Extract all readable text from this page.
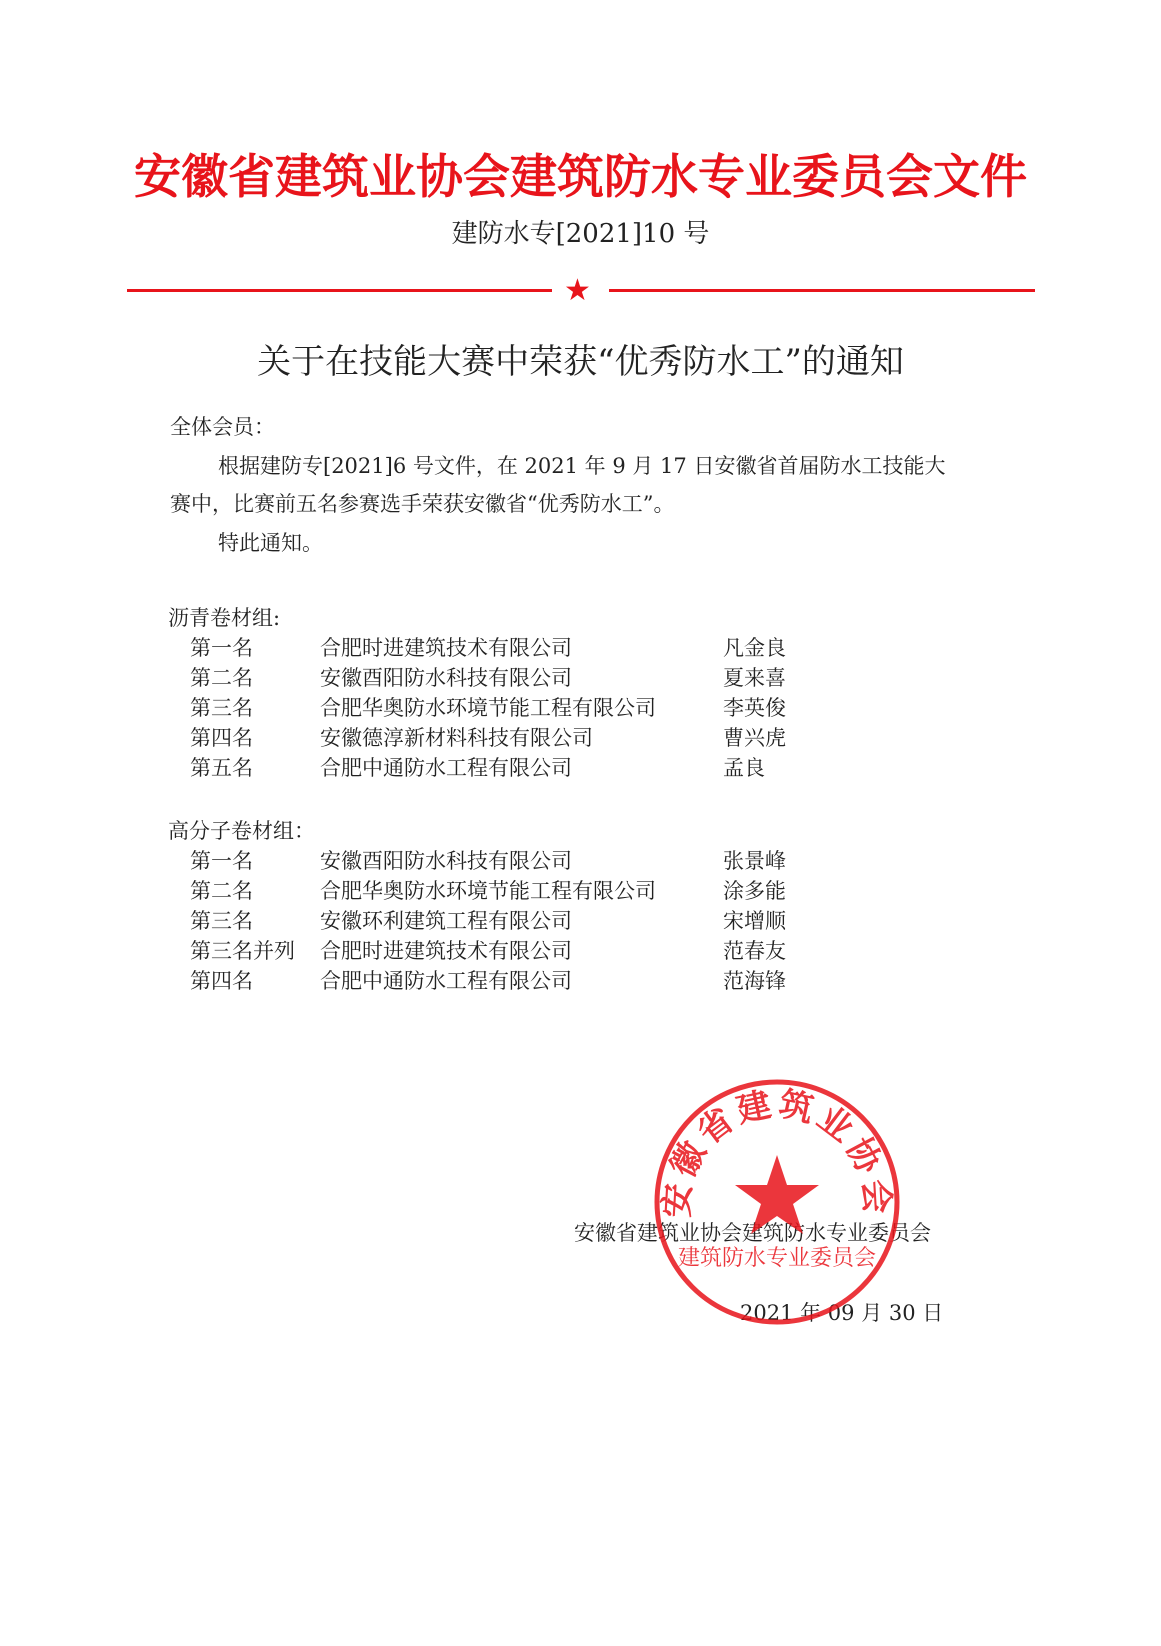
安徽省建筑业协会建筑防水专业委员会文件
建防水专[2021]10 号
★
关于在技能大赛中荣获“优秀防水工”的通知
全体会员：
根据建防专[2021]6 号文件，在 2021 年 9 月 17 日安徽省首届防水工技能大
赛中，比赛前五名参赛选手荣获安徽省“优秀防水工”。
特此通知。
沥青卷材组:
第一名	合肥时进建筑技术有限公司	凡金良
第二名	安徽酉阳防水科技有限公司	夏来喜
第三名	合肥华奥防水环境节能工程有限公司	李英俊
第四名	安徽德淳新材料科技有限公司	曹兴虎
第五名	合肥中通防水工程有限公司	孟良
高分子卷材组：
第一名	安徽酉阳防水科技有限公司	张景峰
第二名	合肥华奥防水环境节能工程有限公司	涂多能
第三名	安徽环利建筑工程有限公司	宋增顺
第三名并列 合肥时进建筑技术有限公司	范春友
第四名	合肥中通防水工程有限公司	范海锋
安徽省建筑业协会建筑防水专业委员会
2021 年 09 月 30 日
安徽省建筑业协会
建筑防水专业委员会
